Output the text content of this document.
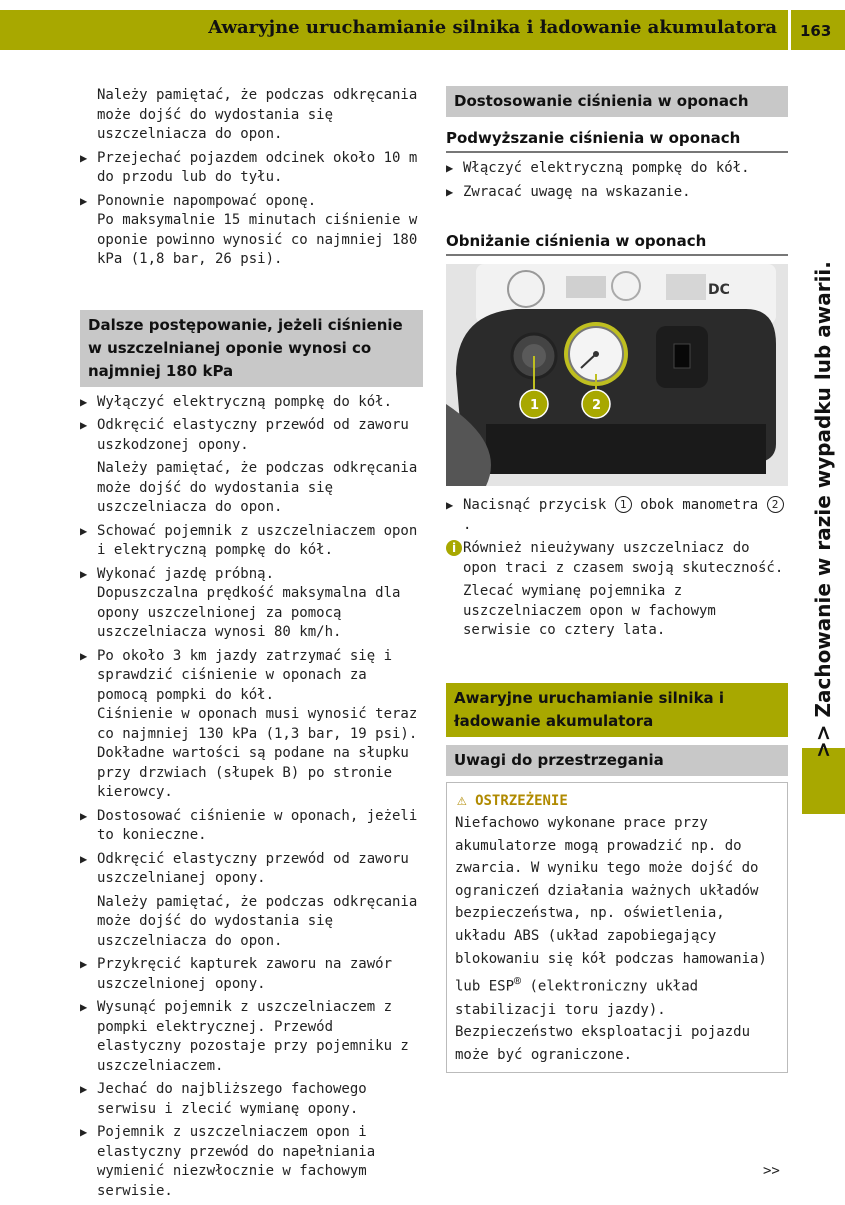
Awaryjne uruchamianie silnika i ładowanie akumulatora 163

Należy pamiętać, że podczas odkręcania może dojść do wydostania się uszczelniacza do opon.

▶ Przejechać pojazdem odcinek około 10 m do przodu lub do tyłu.
▶ Ponownie napompować oponę.
Po maksymalnie 15 minutach ciśnienie w oponie powinno wynosić co najmniej 180 kPa (1,8 bar, 26 psi).
Dalsze postępowanie, jeżeli ciśnienie w uszczelnianej oponie wynosi co najmniej 180 kPa
▶ Wyłączyć elektryczną pompkę do kół.
▶ Odkręcić elastyczny przewód od zaworu uszkodzonej opony.

Należy pamiętać, że podczas odkręcania może dojść do wydostania się uszczelniacza do opon.

▶ Schować pojemnik z uszczelniaczem opon i elektryczną pompkę do kół.
▶ Wykonać jazdę próbną.
Dopuszczalna prędkość maksymalna dla opony uszczelnionej za pomocą uszczelniacza wynosi 80 km/h.
▶ Po około 3 km jazdy zatrzymać się i sprawdzić ciśnienie w oponach za pomocą pompki do kół.
Ciśnienie w oponach musi wynosić teraz co najmniej 130 kPa (1,3 bar, 19 psi). Dokładne wartości są podane na słupku przy drzwiach (słupek B) po stronie kierowcy.
▶ Dostosować ciśnienie w oponach, jeżeli to konieczne.
▶ Odkręcić elastyczny przewód od zaworu uszczelnianej opony.

Należy pamiętać, że podczas odkręcania może dojść do wydostania się uszczelniacza do opon.

▶ Przykręcić kapturek zaworu na zawór uszczelnionej opony.
▶ Wysunąć pojemnik z uszczelniaczem z pompki elektrycznej. Przewód elastyczny pozostaje przy pojemniku z uszczelniaczem.
▶ Jechać do najbliższego fachowego serwisu i zlecić wymianę opony.
▶ Pojemnik z uszczelniaczem opon i elastyczny przewód do napełniania wymienić niezwłocznie w fachowym serwisie.
Dostosowanie ciśnienia w oponach
Podwyższanie ciśnienia w oponach
▶ Włączyć elektryczną pompkę do kół.
▶ Zwracać uwagę na wskazanie.
Obniżanie ciśnienia w oponach
DC
1	2
▶ Nacisnąć przycisk 1 obok manometra 2.
i Również nieużywany uszczelniacz do opon traci z czasem swoją skuteczność.

Zlecać wymianę pojemnika z uszczelniaczem opon w fachowym serwisie co cztery lata.

Awaryjne uruchamianie silnika i ładowanie akumulatora
Uwagi do przestrzegania
⚠ OSTRZEŻENIE

Niefachowo wykonane prace przy akumulatorze mogą prowadzić np. do zwarcia. W wyniku tego może dojść do ograniczeń działania ważnych układów bezpieczeństwa, np. oświetlenia, układu ABS (układ zapobiegający blokowaniu się kół podczas hamowania) lub ESP® (elektroniczny układ stabilizacji toru jazdy). Bezpieczeństwo eksploatacji pojazdu może być ograniczone.

>> Zachowanie w razie wypadku lub awarii.
>>
